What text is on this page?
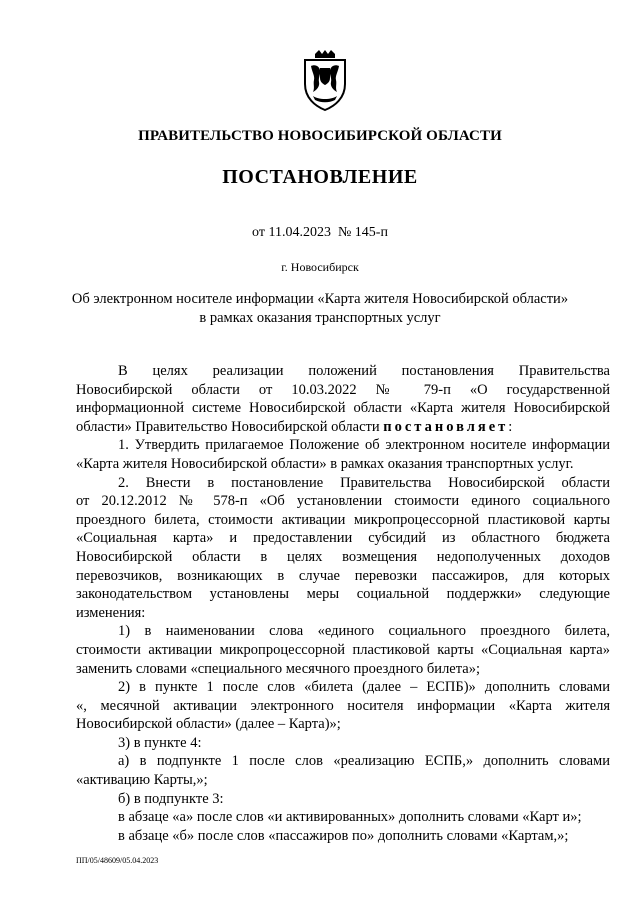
ПРАВИТЕЛЬСТВО НОВОСИБИРСКОЙ ОБЛАСТИ
ПОСТАНОВЛЕНИЕ
от 11.04.2023  № 145-п
г. Новосибирск
Об электронном носителе информации «Карта жителя Новосибирской области»
в рамках оказания транспортных услуг

В целях реализации положений постановления Правительства

Новосибирской области от 10.03.2022 № 79-п «О государственной

информационной системе Новосибирской области «Карта жителя Новосибирской

области» Правительство Новосибирской области постановляет:

1. Утвердить прилагаемое Положение об электронном носителе информации

«Карта жителя Новосибирской области» в рамках оказания транспортных услуг.

2. Внести в постановление Правительства Новосибирской области

от 20.12.2012 № 578-п «Об установлении стоимости единого социального

проездного билета, стоимости активации микропроцессорной пластиковой карты

«Социальная карта» и предоставлении субсидий из областного бюджета

Новосибирской области в целях возмещения недополученных доходов

перевозчиков, возникающих в случае перевозки пассажиров, для которых

законодательством установлены меры социальной поддержки» следующие

изменения:

1) в наименовании слова «единого социального проездного билета,

стоимости активации микропроцессорной пластиковой карты «Социальная карта»

заменить словами «специального месячного проездного билета»;

2) в пункте 1 после слов «билета (далее – ЕСПБ)» дополнить словами

«, месячной активации электронного носителя информации «Карта жителя

Новосибирской области» (далее – Карта)»;

3) в пункте 4:

а) в подпункте 1 после слов «реализацию ЕСПБ,» дополнить словами

«активацию Карты,»;

б) в подпункте 3:

в абзаце «а» после слов «и активированных» дополнить словами «Карт и»;

в абзаце «б» после слов «пассажиров по» дополнить словами «Картам,»;

ПП/05/48609/05.04.2023
